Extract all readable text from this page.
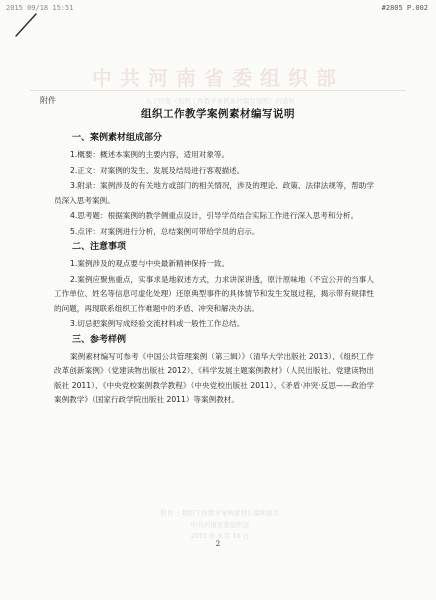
2015 09/18 15:51	#2805 P.002
中共河南省委组织部
关于印发《组织工作教学案例素材编写说明》的通知
附件
组织工作教学案例素材编写说明
一、案例素材组成部分

1.概要：概述本案例的主要内容，适用对象等。

2.正文：对案例的发生、发展及结局进行客观描述。

3.附录：案例涉及的有关地方或部门的相关情况，涉及的理论、政策、法律法规等，帮助学员深入思考案例。

4.思考题：根据案例的教学侧重点设计，引导学员结合实际工作进行深入思考和分析。

5.点评：对案例进行分析，总结案例可带给学员的启示。

二、注意事项

1.案例涉及的观点要与中央最新精神保持一致。

2.案例应聚焦重点，实事求是地叙述方式，力求讲深讲透，原汁原味地（不宜公开的当事人工作单位、姓名等信息可虚化处理）还原典型事件的具体情节和发生发展过程，揭示带有规律性的问题，再现联系组织工作难题中的矛盾、冲突和解决办法。

3.切忌把案例写成经验交流材料或一般性工作总结。

三、参考样例

案例素材编写可参考《中国公共管理案例（第三辑）》（清华大学出版社 2013）、《组织工作改革创新案例》（党建读物出版社 2012）、《科学发展主题案例教材》（人民出版社、党建读物出版社 2011）、《中央党校案例教学教程》（中央党校出版社 2011）、《矛盾·冲突·反思——政治学案例教学》（国家行政学院出版社 2011）等案例教材。

附件三 组织工作教学案例素材汇编和推荐
中共河南省委组织部
2015 年 9 月 18 日
2
